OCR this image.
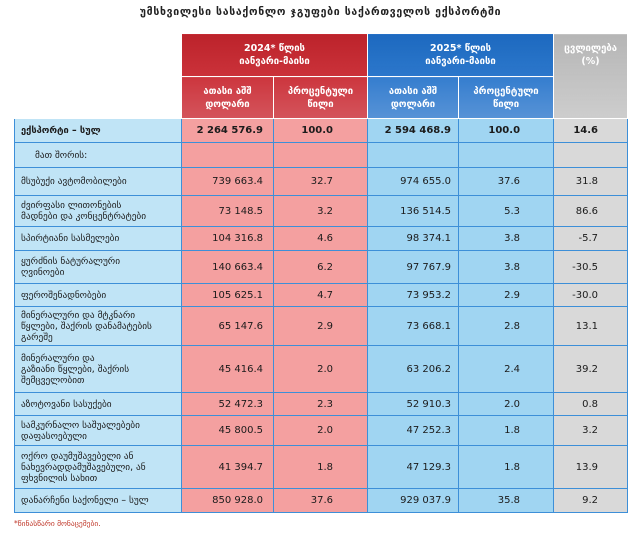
უმსხვილესი სასაქონლო ჯგუფები საქართველოს ექსპორტში

	2024* წლის
იანვარი-მაისი		2025* წლის
იანვარი-მაისი		ცვლილება
(%)

	ათასი აშშ
დოლარი	პროცენტული
წილი	ათასი აშშ
დოლარი	პროცენტული
წილი	

ექსპორტი – სულ	2 264 576.9	100.0	2 594 468.9	100.0	14.6

მათ შორის:					

მსუბუქი ავტომობილები	739 663.4	32.7	974 655.0	37.6	31.8

ძვირფასი ლითონების
მადნები და კონცენტრატები	73 148.5	3.2	136 514.5	5.3	86.6

სპირტიანი სასმელები	104 316.8	4.6	98 374.1	3.8	-5.7

ყურძნის ნატურალური
ღვინოები	140 663.4	6.2	97 767.9	3.8	-30.5

ფეროშენადნობები	105 625.1	4.7	73 953.2	2.9	-30.0

მინერალური და მტკნარი
წყლები, შაქრის დანამატების
გარეშე	65 147.6	2.9	73 668.1	2.8	13.1

მინერალური და
გაზიანი წყლები, შაქრის
შემცველობით	45 416.4	2.0	63 206.2	2.4	39.2

აზოტოვანი სასუქები	52 472.3	2.3	52 910.3	2.0	0.8

სამკურნალო საშუალებები
დაფასოებული	45 800.5	2.0	47 252.3	1.8	3.2

ოქრო დაუმუშავებელი ან
ნახევრადდამუშავებული, ან
ფხვნილის სახით	41 394.7	1.8	47 129.3	1.8	13.9

დანარჩენი საქონელი – სულ	850 928.0	37.6	929 037.9	35.8	9.2
*წინასწარი მონაცემები.
